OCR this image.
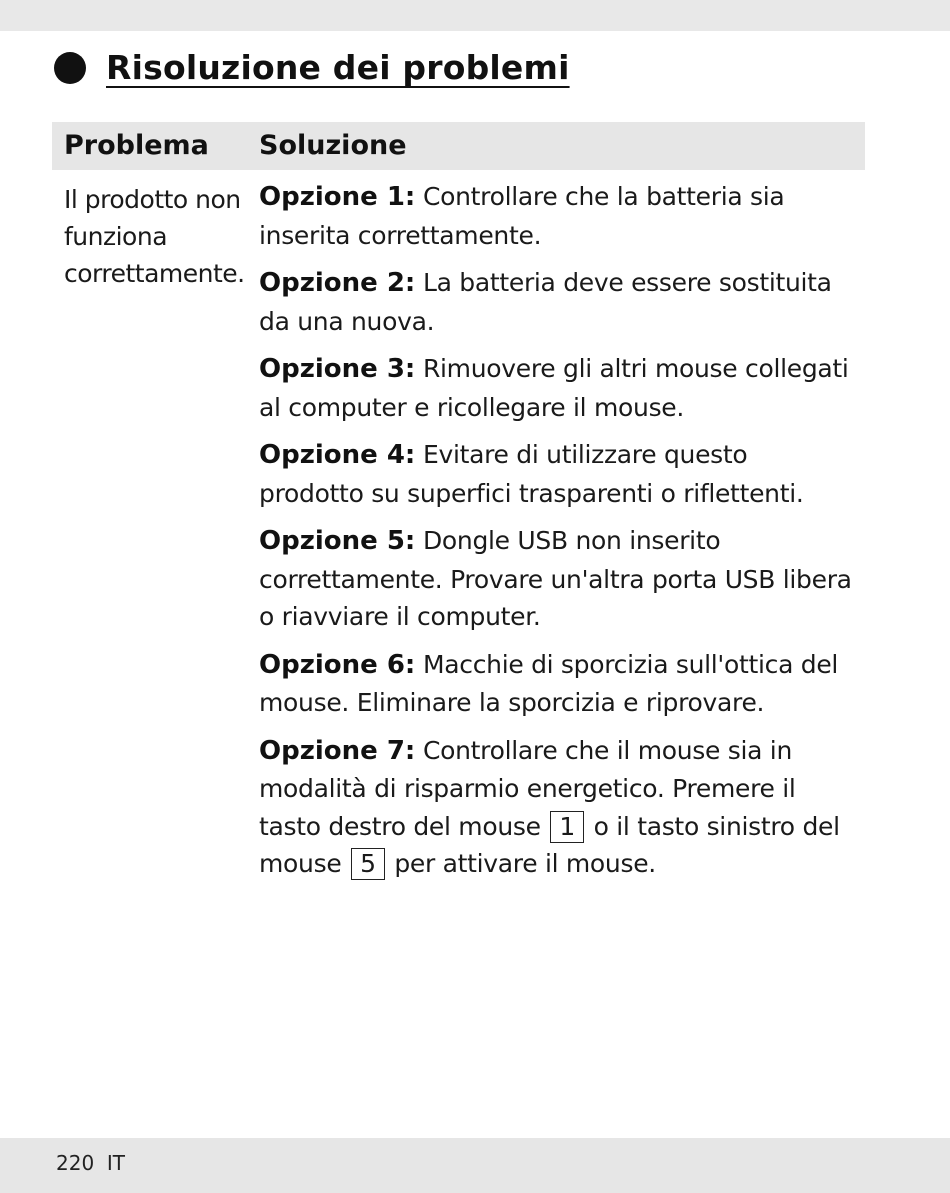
Risoluzione dei problemi
Problema Soluzione
Il prodotto non funziona correttamente.
Opzione 1: Controllare che la batteria sia inserita correttamente.
Opzione 2: La batteria deve essere sostituita da una nuova.
Opzione 3: Rimuovere gli altri mouse collegati al computer e ricollegare il mouse.
Opzione 4: Evitare di utilizzare questo prodotto su superfici trasparenti o riflettenti.
Opzione 5: Dongle USB non inserito correttamente. Provare un'altra porta USB libera o riavviare il computer.
Opzione 6: Macchie di sporcizia sull'ottica del mouse. Eliminare la sporcizia e riprovare.
Opzione 7: Controllare che il mouse sia in modalità di risparmio energetico. Premere il tasto destro del mouse 1 o il tasto sinistro del mouse 5 per attivare il mouse.
220 IT
